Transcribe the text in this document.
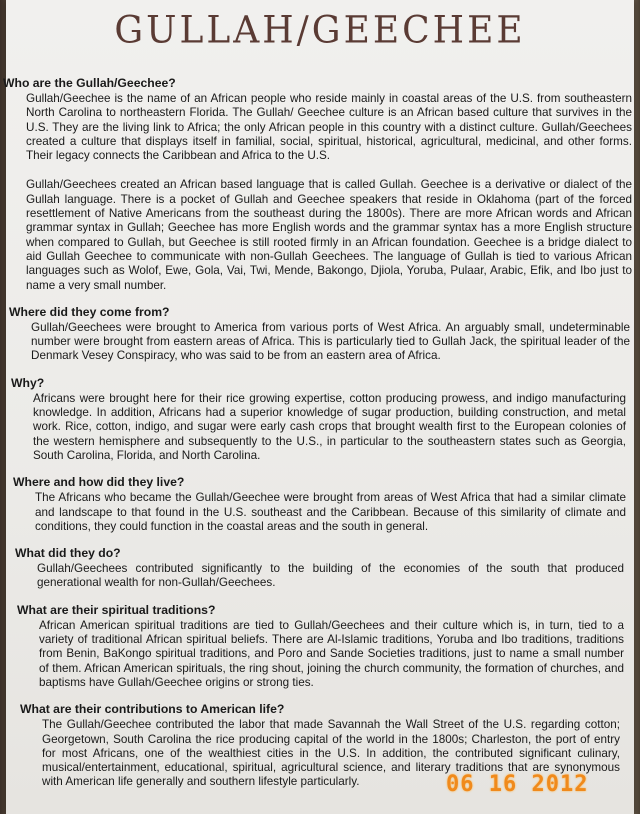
GULLAH/GEECHEE
Who are the Gullah/Geechee?
Gullah/Geechee is the name of an African people who reside mainly in coastal areas of the U.S. from southeastern North Carolina to northeastern Florida. The Gullah/ Geechee culture is an African based culture that survives in the U.S. They are the living link to Africa; the only African people in this country with a distinct culture. Gullah/Geechees created a culture that displays itself in familial, social, spiritual, historical, agricultural, medicinal, and other forms. Their legacy connects the Caribbean and Africa to the U.S.
Gullah/Geechees created an African based language that is called Gullah. Geechee is a derivative or dialect of the Gullah language. There is a pocket of Gullah and Geechee speakers that reside in Oklahoma (part of the forced resettlement of Native Americans from the southeast during the 1800s). There are more African words and African grammar syntax in Gullah; Geechee has more English words and the grammar syntax has a more English structure when compared to Gullah, but Geechee is still rooted firmly in an African foundation. Geechee is a bridge dialect to aid Gullah Geechee to communicate with non-Gullah Geechees. The language of Gullah is tied to various African languages such as Wolof, Ewe, Gola, Vai, Twi, Mende, Bakongo, Djiola, Yoruba, Pulaar, Arabic, Efik, and Ibo just to name a very small number.
Where did they come from?
Gullah/Geechees were brought to America from various ports of West Africa. An arguably small, undeterminable number were brought from eastern areas of Africa. This is particularly tied to Gullah Jack, the spiritual leader of the Denmark Vesey Conspiracy, who was said to be from an eastern area of Africa.
Why?
Africans were brought here for their rice growing expertise, cotton producing prowess, and indigo manufacturing knowledge. In addition, Africans had a superior knowledge of sugar production, building construction, and metal work. Rice, cotton, indigo, and sugar were early cash crops that brought wealth first to the European colonies of the western hemisphere and subsequently to the U.S., in particular to the southeastern states such as Georgia, South Carolina, Florida, and North Carolina.
Where and how did they live?
The Africans who became the Gullah/Geechee were brought from areas of West Africa that had a similar climate and landscape to that found in the U.S. southeast and the Caribbean. Because of this similarity of climate and conditions, they could function in the coastal areas and the south in general.
What did they do?
Gullah/Geechees contributed significantly to the building of the economies of the south that produced generational wealth for non-Gullah/Geechees.
What are their spiritual traditions?
African American spiritual traditions are tied to Gullah/Geechees and their culture which is, in turn, tied to a variety of traditional African spiritual beliefs. There are Al-Islamic traditions, Yoruba and Ibo traditions, traditions from Benin, BaKongo spiritual traditions, and Poro and Sande Societies traditions, just to name a small number of them. African American spirituals, the ring shout, joining the church community, the formation of churches, and baptisms have Gullah/Geechee origins or strong ties.
What are their contributions to American life?
The Gullah/Geechee contributed the labor that made Savannah the Wall Street of the U.S. regarding cotton; Georgetown, South Carolina the rice producing capital of the world in the 1800s; Charleston, the port of entry for most Africans, one of the wealthiest cities in the U.S. In addition, the contributed significant culinary, musical/entertainment, educational, spiritual, agricultural science, and literary traditions that are synonymous with American life generally and southern lifestyle particularly.	06 16 2012
